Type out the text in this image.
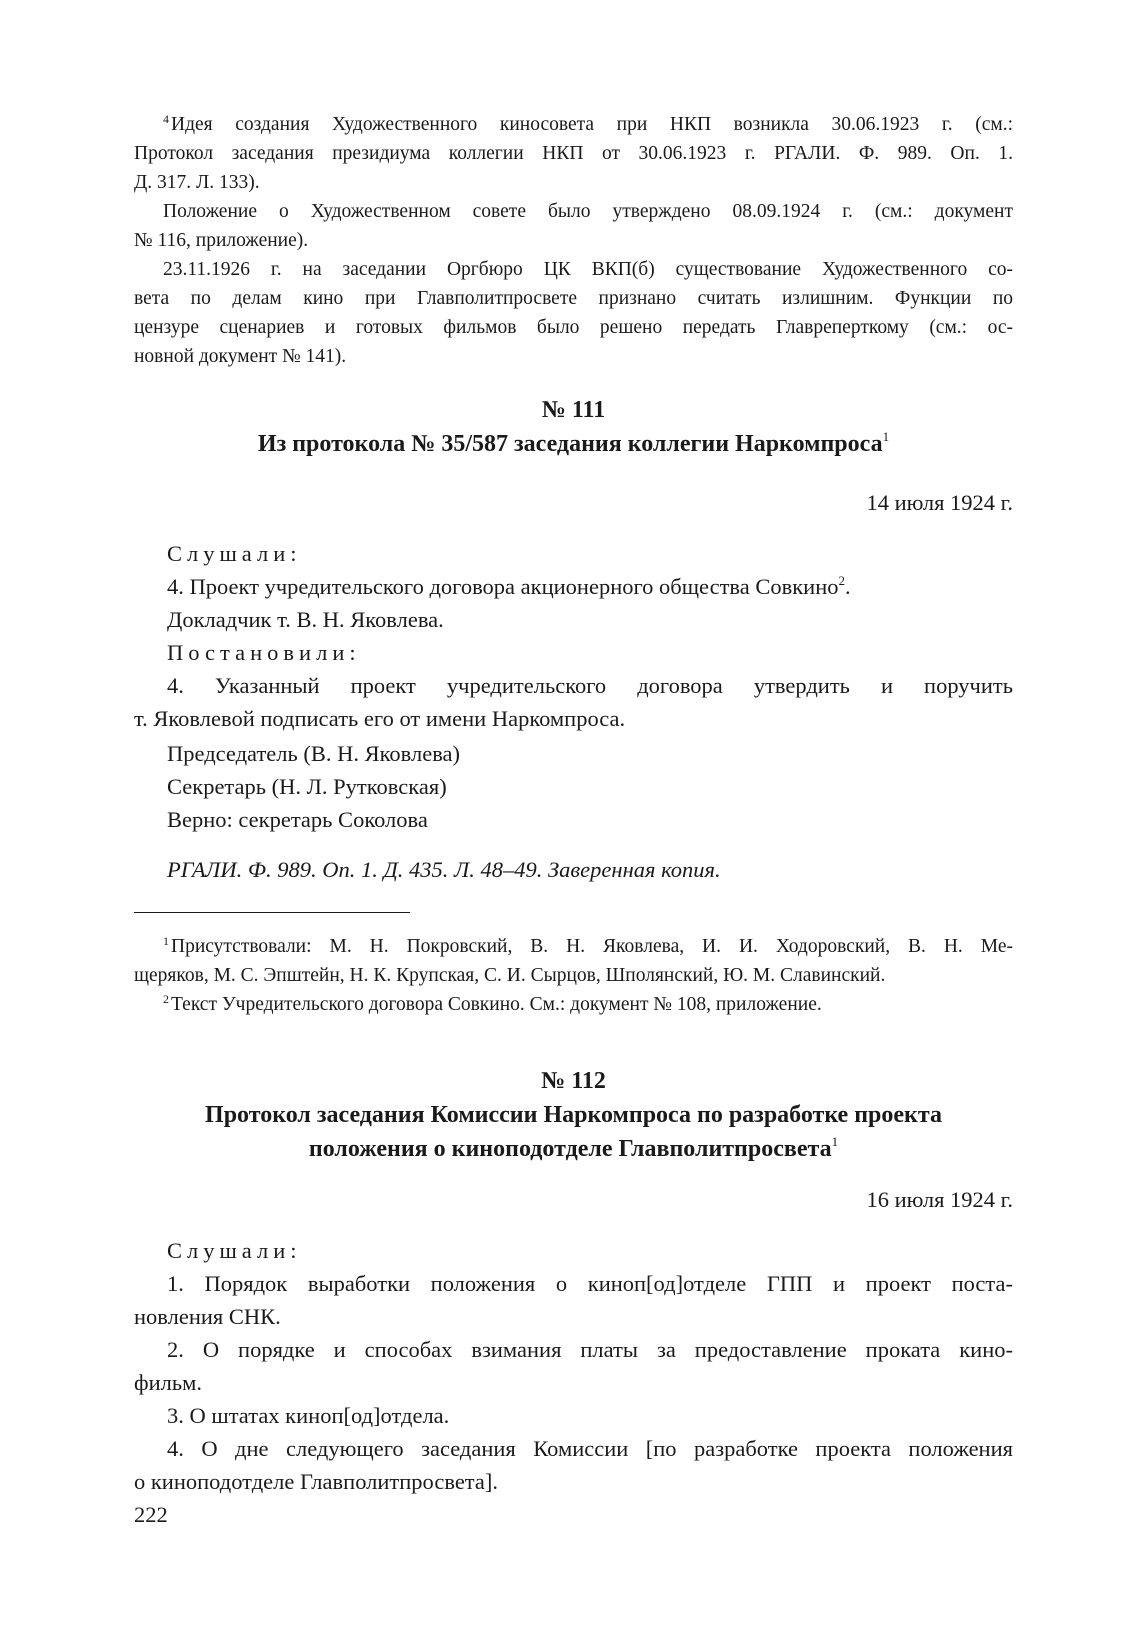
$^4$ Идея создания Художественного киносовета при НКП возникла 30.06.1923 г. (см.:
Протокол заседания президиума коллегии НКП от 30.06.1923 г. РГАЛИ. Ф. 989. Оп. 1.
Д. 317. Л. 133).
Положение о Художественном совете было утверждено 08.09.1924 г. (см.: документ
№ 116, приложение).
23.11.1926 г. на заседании Оргбюро ЦК ВКП(б) существование Художественного со-
вета по делам кино при Главполитпросвете признано считать излишним. Функции по
цензуре сценариев и готовых фильмов было решено передать Главреперткому (см.: ос-
новной документ № 141).

№ 111

Из протокола № 35/587 заседания коллегии Наркомпроса$^1$

14 июля 1924 г.

Слушали:

4. Проект учредительского договора акционерного общества Совкино$^2$.

Докладчик т. В. Н. Яковлева.

Постановили:

4. Указанный проект учредительского договора утвердить и поручить

т. Яковлевой подписать его от имени Наркомпроса.

Председатель (В. Н. Яковлева)

Секретарь (Н. Л. Рутковская)

Верно: секретарь Соколова

РГАЛИ. Ф. 989. Оп. 1. Д. 435. Л. 48–49. Заверенная копия.

$^1$ Присутствовали: М. Н. Покровский, В. Н. Яковлева, И. И. Ходоровский, В. Н. Ме-
щеряков, М. С. Эпштейн, Н. К. Крупская, С. И. Сырцов, Шполянский, Ю. М. Славинский.
$^2$ Текст Учредительского договора Совкино. См.: документ № 108, приложение.

№ 112

Протокол заседания Комиссии Наркомпроса по разработке проекта

положения о киноподотделе Главполитпросвета$^1$

16 июля 1924 г.

Слушали:

1. Порядок выработки положения о киноп[од]отделе ГПП и проект поста-

новления СНК.

2. О порядке и способах взимания платы за предоставление проката кино-

фильм.

3. О штатах киноп[од]отдела.

4. О дне следующего заседания Комиссии [по разработке проекта положения

о киноподотделе Главполитпросвета].

222
